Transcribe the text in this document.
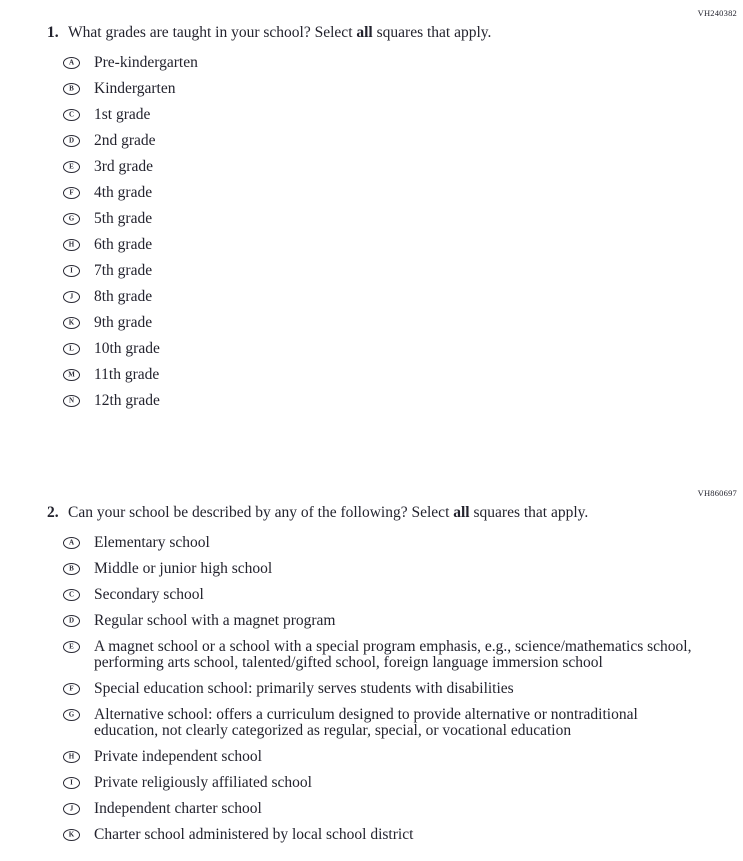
VH240382
1. What grades are taught in your school? Select all squares that apply.
A Pre-kindergarten
B Kindergarten
C 1st grade
D 2nd grade
E 3rd grade
F 4th grade
G 5th grade
H 6th grade
I 7th grade
J 8th grade
K 9th grade
L 10th grade
M 11th grade
N 12th grade
VH860697
2. Can your school be described by any of the following? Select all squares that apply.
A Elementary school
B Middle or junior high school
C Secondary school
D Regular school with a magnet program
E A magnet school or a school with a special program emphasis, e.g., science/mathematics school, performing arts school, talented/gifted school, foreign language immersion school
F Special education school: primarily serves students with disabilities
G Alternative school: offers a curriculum designed to provide alternative or nontraditional education, not clearly categorized as regular, special, or vocational education
H Private independent school
I Private religiously affiliated school
J Independent charter school
K Charter school administered by local school district
